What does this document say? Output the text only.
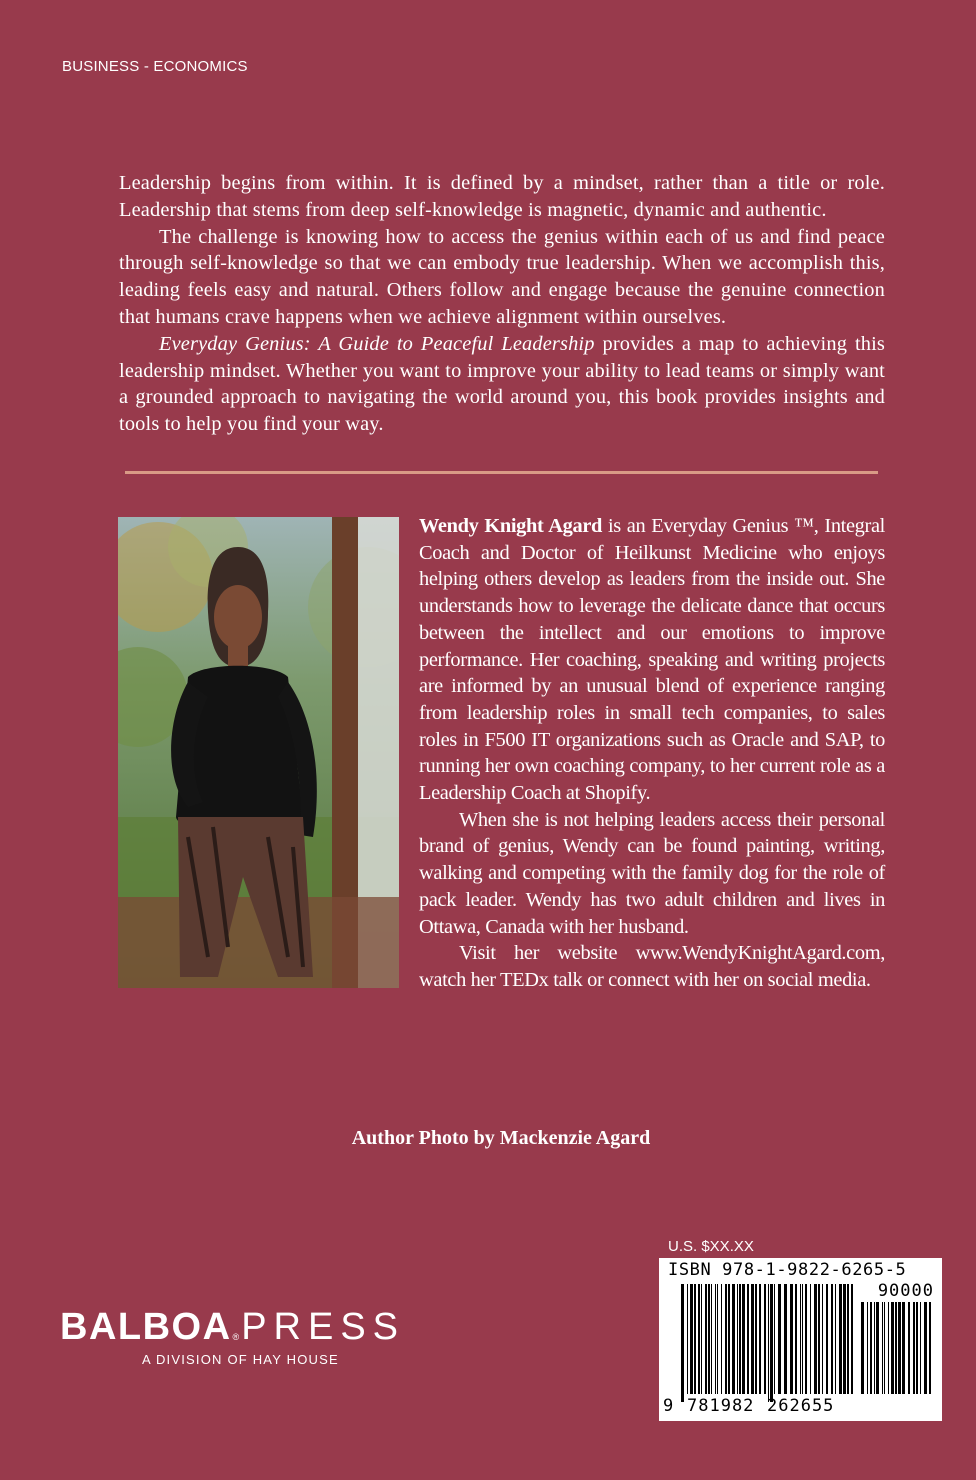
BUSINESS - ECONOMICS

Leadership begins from within. It is defined by a mindset, rather than a title or role. Leadership that stems from deep self-knowledge is magnetic, dynamic and authentic.

The challenge is knowing how to access the genius within each of us and find peace through self-knowledge so that we can embody true leadership. When we accomplish this, leading feels easy and natural. Others follow and engage because the genuine connection that humans crave happens when we achieve alignment within ourselves.

Everyday Genius: A Guide to Peaceful Leadership provides a map to achieving this leadership mindset. Whether you want to improve your ability to lead teams or simply want a grounded approach to navigating the world around you, this book provides insights and tools to help you find your way.

Wendy Knight Agard is an Everyday Genius ™, Integral Coach and Doctor of Heilkunst Medicine who enjoys helping others develop as leaders from the inside out. She understands how to leverage the delicate dance that occurs between the intellect and our emotions to improve performance. Her coaching, speaking and writing projects are informed by an unusual blend of experience ranging from leadership roles in small tech companies, to sales roles in F500 IT organizations such as Oracle and SAP, to running her own coaching company, to her current role as a Leadership Coach at Shopify.

When she is not helping leaders access their personal brand of genius, Wendy can be found painting, writing, walking and competing with the family dog for the role of pack leader. Wendy has two adult children and lives in Ottawa, Canada with her husband.

Visit her website www.WendyKnightAgard.com, watch her TEDx talk or connect with her on social media.

Author Photo by Mackenzie Agard
BALBOA ® PRESS
A DIVISION OF HAY HOUSE
U.S. $XX.XX
ISBN 978-1-9822-6265-5
90000
9 781982 262655
